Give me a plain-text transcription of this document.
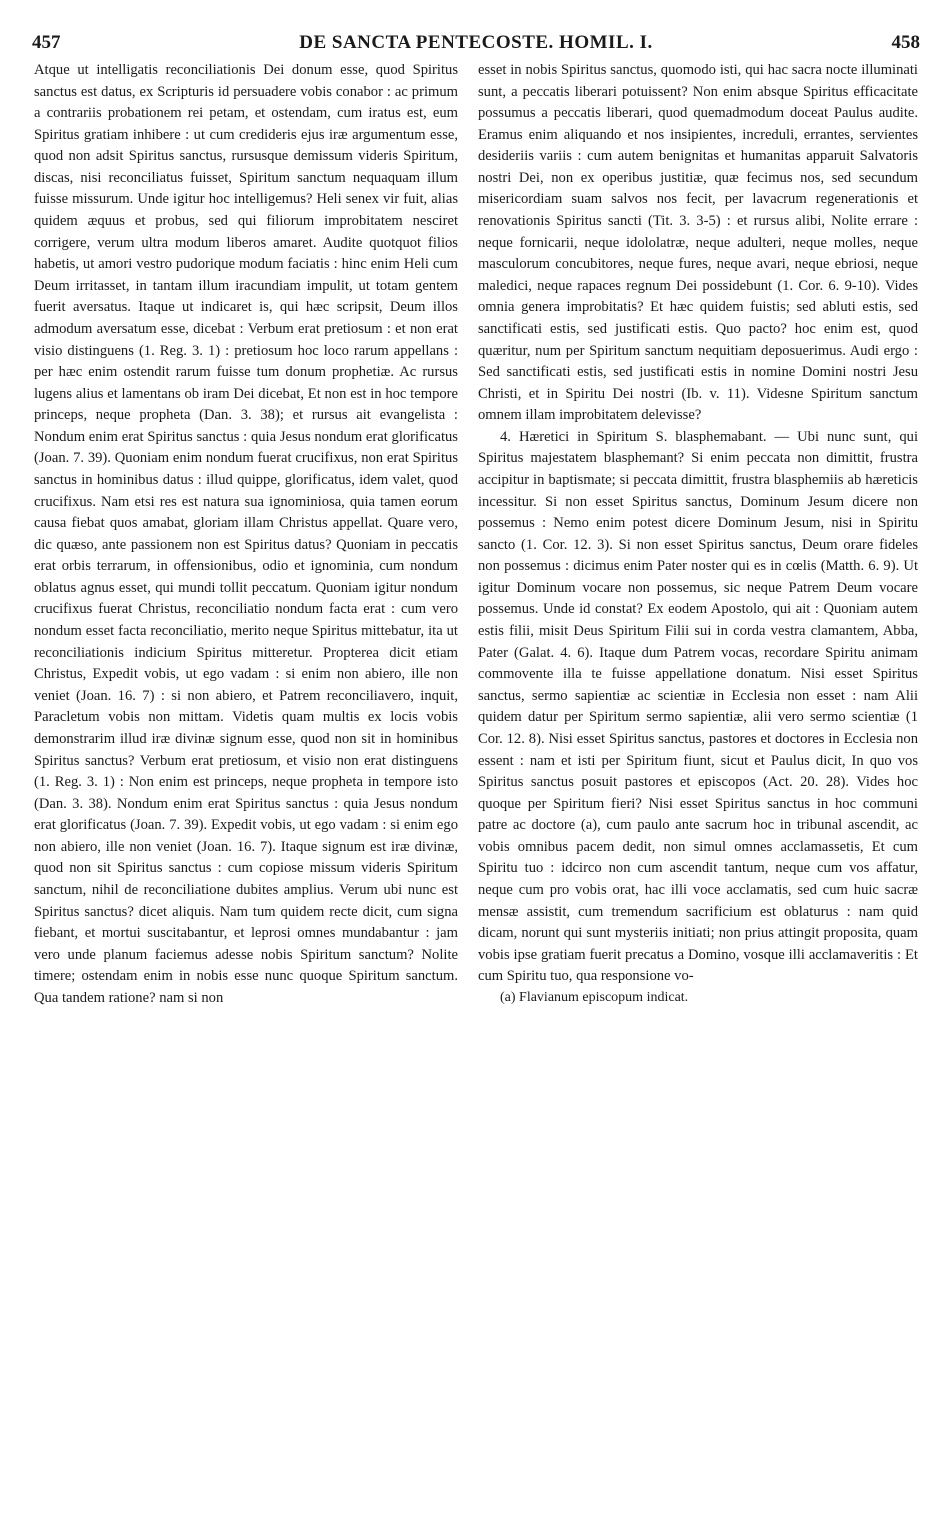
457	DE SANCTA PENTECOSTE. HOMIL. I.	458

Atque ut intelligatis reconciliationis Dei donum esse, quod Spiritus sanctus est datus, ex Scripturis id persuadere vobis conabor : ac primum a contrariis probationem rei petam, et ostendam, cum iratus est, eum Spiritus gratiam inhibere : ut cum credideris ejus iræ argumentum esse, quod non adsit Spiritus sanctus, rursusque demissum videris Spiritum, discas, nisi reconciliatus fuisset, Spiritum sanctum nequaquam illum fuisse missurum. Unde igitur hoc intelligemus? Heli senex vir fuit, alias quidem æquus et probus, sed qui filiorum improbitatem nesciret corrigere, verum ultra modum liberos amaret. Audite quotquot filios habetis, ut amori vestro pudorique modum faciatis : hinc enim Heli cum Deum irritasset, in tantam illum iracundiam impulit, ut totam gentem fuerit aversatus. Itaque ut indicaret is, qui hæc scripsit, Deum illos admodum aversatum esse, dicebat : Verbum erat pretiosum : et non erat visio distinguens (1. Reg. 3. 1) : pretiosum hoc loco rarum appellans : per hæc enim ostendit rarum fuisse tum donum prophetiæ. Ac rursus lugens alius et lamentans ob iram Dei dicebat, Et non est in hoc tempore princeps, neque propheta (Dan. 3. 38); et rursus ait evangelista : Nondum enim erat Spiritus sanctus : quia Jesus nondum erat glorificatus (Joan. 7. 39). Quoniam enim nondum fuerat crucifixus, non erat Spiritus sanctus in hominibus datus : illud quippe, glorificatus, idem valet, quod crucifixus. Nam etsi res est natura sua ignominiosa, quia tamen eorum causa fiebat quos amabat, gloriam illam Christus appellat. Quare vero, dic quæso, ante passionem non est Spiritus datus? Quoniam in peccatis erat orbis terrarum, in offensionibus, odio et ignominia, cum nondum oblatus agnus esset, qui mundi tollit peccatum. Quoniam igitur nondum crucifixus fuerat Christus, reconciliatio nondum facta erat : cum vero nondum esset facta reconciliatio, merito neque Spiritus mittebatur, ita ut reconciliationis indicium Spiritus mitteretur. Propterea dicit etiam Christus, Expedit vobis, ut ego vadam : si enim non abiero, ille non veniet (Joan. 16. 7) : si non abiero, et Patrem reconciliavero, inquit, Paracletum vobis non mittam. Videtis quam multis ex locis vobis demonstrarim illud iræ divinæ signum esse, quod non sit in hominibus Spiritus sanctus? Verbum erat pretiosum, et visio non erat distinguens (1. Reg. 3. 1) : Non enim est princeps, neque propheta in tempore isto (Dan. 3. 38). Nondum enim erat Spiritus sanctus : quia Jesus nondum erat glorificatus (Joan. 7. 39). Expedit vobis, ut ego vadam : si enim ego non abiero, ille non veniet (Joan. 16. 7). Itaque signum est iræ divinæ, quod non sit Spiritus sanctus : cum copiose missum videris Spiritum sanctum, nihil de reconciliatione dubites amplius. Verum ubi nunc est Spiritus sanctus? dicet aliquis. Nam tum quidem recte dicit, cum signa fiebant, et mortui suscitabantur, et leprosi omnes mundabantur : jam vero unde planum faciemus adesse nobis Spiritum sanctum? Nolite timere; ostendam enim in nobis esse nunc quoque Spiritum sanctum. Qua tandem ratione? nam si non

esset in nobis Spiritus sanctus, quomodo isti, qui hac sacra nocte illuminati sunt, a peccatis liberari potuissent? Non enim absque Spiritus efficacitate possumus a peccatis liberari, quod quemadmodum doceat Paulus audite. Eramus enim aliquando et nos insipientes, increduli, errantes, servientes desideriis variis : cum autem benignitas et humanitas apparuit Salvatoris nostri Dei, non ex operibus justitiæ, quæ fecimus nos, sed secundum misericordiam suam salvos nos fecit, per lavacrum regenerationis et renovationis Spiritus sancti (Tit. 3. 3-5) : et rursus alibi, Nolite errare : neque fornicarii, neque idololatræ, neque adulteri, neque molles, neque masculorum concubitores, neque fures, neque avari, neque ebriosi, neque maledici, neque rapaces regnum Dei possidebunt (1. Cor. 6. 9-10). Vides omnia genera improbitatis? Et hæc quidem fuistis; sed abluti estis, sed sanctificati estis, sed justificati estis. Quo pacto? hoc enim est, quod quæritur, num per Spiritum sanctum nequitiam deposuerimus. Audi ergo : Sed sanctificati estis, sed justificati estis in nomine Domini nostri Jesu Christi, et in Spiritu Dei nostri (Ib. v. 11). Videsne Spiritum sanctum omnem illam improbitatem delevisse?

4. Hæretici in Spiritum S. blasphemabant. — Ubi nunc sunt, qui Spiritus majestatem blasphemant? Si enim peccata non dimittit, frustra accipitur in baptismate; si peccata dimittit, frustra blasphemiis ab hæreticis incessitur. Si non esset Spiritus sanctus, Dominum Jesum dicere non possemus : Nemo enim potest dicere Dominum Jesum, nisi in Spiritu sancto (1. Cor. 12. 3). Si non esset Spiritus sanctus, Deum orare fideles non possemus : dicimus enim Pater noster qui es in cœlis (Matth. 6. 9). Ut igitur Dominum vocare non possemus, sic neque Patrem Deum vocare possemus. Unde id constat? Ex eodem Apostolo, qui ait : Quoniam autem estis filii, misit Deus Spiritum Filii sui in corda vestra clamantem, Abba, Pater (Galat. 4. 6). Itaque dum Patrem vocas, recordare Spiritu animam commovente illa te fuisse appellatione donatum. Nisi esset Spiritus sanctus, sermo sapientiæ ac scientiæ in Ecclesia non esset : nam Alii quidem datur per Spiritum sermo sapientiæ, alii vero sermo scientiæ (1 Cor. 12. 8). Nisi esset Spiritus sanctus, pastores et doctores in Ecclesia non essent : nam et isti per Spiritum fiunt, sicut et Paulus dicit, In quo vos Spiritus sanctus posuit pastores et episcopos (Act. 20. 28). Vides hoc quoque per Spiritum fieri? Nisi esset Spiritus sanctus in hoc communi patre ac doctore (a), cum paulo ante sacrum hoc in tribunal ascendit, ac vobis omnibus pacem dedit, non simul omnes acclamassetis, Et cum Spiritu tuo : idcirco non cum ascendit tantum, neque cum vos affatur, neque cum pro vobis orat, hac illi voce acclamatis, sed cum huic sacræ mensæ assistit, cum tremendum sacrificium est oblaturus : nam quid dicam, norunt qui sunt mysteriis initiati; non prius attingit proposita, quam vobis ipse gratiam fuerit precatus a Domino, vosque illi acclamaveritis : Et cum Spiritu tuo, qua responsione vo-

(a) Flavianum episcopum indicat.
